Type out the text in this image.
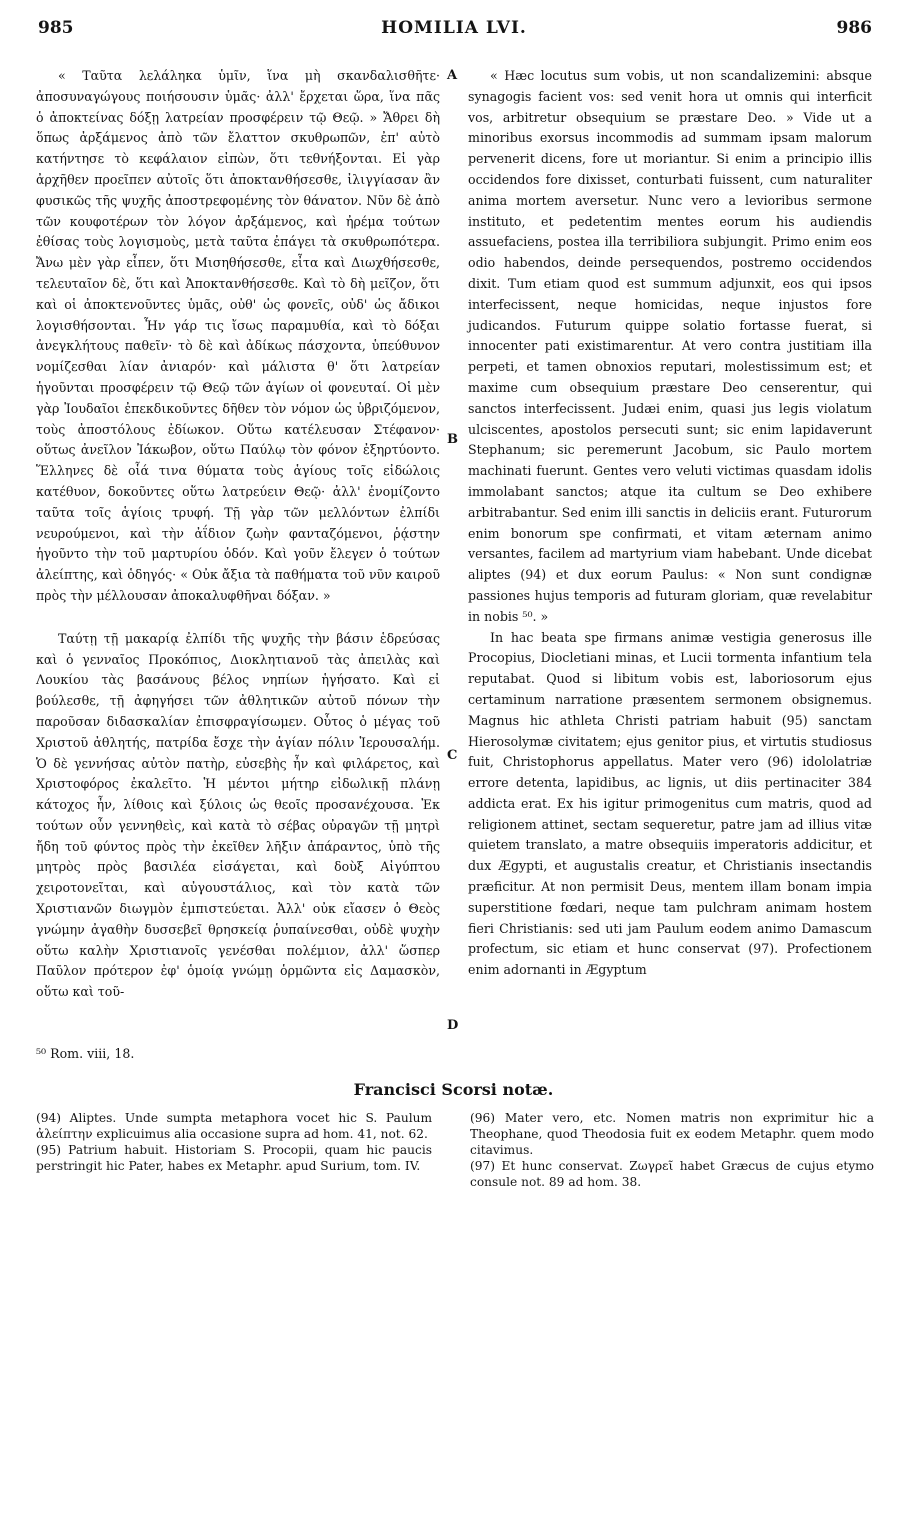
985	HOMILIA LVI.	986

« Ταῦτα λελάληκα ὑμῖν, ἵνα μὴ σκανδαλισθῆτε· ἀποσυναγώγους ποιήσουσιν ὑμᾶς· ἀλλ' ἔρχεται ὥρα, ἵνα πᾶς ὁ ἀποκτείνας δόξῃ λατρείαν προσφέρειν τῷ Θεῷ. » Ἄθρει δὴ ὅπως ἀρξάμενος ἀπὸ τῶν ἔλαττον σκυθρωπῶν, ἐπ' αὐτὸ κατήντησε τὸ κεφάλαιον εἰπὼν, ὅτι τεθνήξονται. Εἰ γὰρ ἀρχῆθεν προεῖπεν αὐτοῖς ὅτι ἀποκτανθήσεσθε, ἰλιγγίασαν ἂν φυσικῶς τῆς ψυχῆς ἀποστρεφομένης τὸν θάνατον. Νῦν δὲ ἀπὸ τῶν κουφοτέρων τὸν λόγον ἀρξάμενος, καὶ ἠρέμα τούτων ἐθίσας τοὺς λογισμοὺς, μετὰ ταῦτα ἐπάγει τὰ σκυθρωπότερα. Ἄνω μὲν γὰρ εἶπεν, ὅτι Μισηθήσεσθε, εἶτα καὶ Διωχθήσεσθε, τελευταῖον δὲ, ὅτι καὶ Ἀποκτανθήσεσθε. Καὶ τὸ δὴ μεῖζον, ὅτι καὶ οἱ ἀποκτενοῦντες ὑμᾶς, οὐθ' ὡς φονεῖς, οὐδ' ὡς ἄδικοι λογισθήσονται. Ἦν γάρ τις ἴσως παραμυθία, καὶ τὸ δόξαι ἀνεγκλήτους παθεῖν· τὸ δὲ καὶ ἀδίκως πάσχοντα, ὑπεύθυνον νομίζεσθαι λίαν ἀνιαρόν· καὶ μάλιστα θ' ὅτι λατρείαν ἡγοῦνται προσφέρειν τῷ Θεῷ τῶν ἁγίων οἱ φονευταί. Οἱ μὲν γὰρ Ἰουδαῖοι ἐπεκδικοῦντες δῆθεν τὸν νόμον ὡς ὑβριζόμενον, τοὺς ἀποστόλους ἐδίωκον. Οὕτω κατέλευσαν Στέφανον· οὕτως ἀνεῖλον Ἰάκωβον, οὕτω Παύλῳ τὸν φόνον ἐξηρτύοντο. Ἕλληνες δὲ οἷά τινα θύματα τοὺς ἁγίους τοῖς εἰδώλοις κατέθυον, δοκοῦντες οὕτω λατρεύειν Θεῷ· ἀλλ' ἐνομίζοντο ταῦτα τοῖς ἁγίοις τρυφή. Τῇ γὰρ τῶν μελλόντων ἐλπίδι νευρούμενοι, καὶ τὴν ἀΐδιον ζωὴν φανταζόμενοι, ῥᾴστην ἡγοῦντο τὴν τοῦ μαρτυρίου ὁδόν. Καὶ γοῦν ἔλεγεν ὁ τούτων ἀλείπτης, καὶ ὁδηγός· « Οὐκ ἄξια τὰ παθήματα τοῦ νῦν καιροῦ πρὸς τὴν μέλλουσαν ἀποκαλυφθῆναι δόξαν. »

Ταύτῃ τῇ μακαρίᾳ ἐλπίδι τῆς ψυχῆς τὴν βάσιν ἑδρεύσας καὶ ὁ γενναῖος Προκόπιος, Διοκλητιανοῦ τὰς ἀπειλὰς καὶ Λουκίου τὰς βασάνους βέλος νηπίων ἡγήσατο. Καὶ εἰ βούλεσθε, τῇ ἀφηγήσει τῶν ἀθλητικῶν αὐτοῦ πόνων τὴν παροῦσαν διδασκαλίαν ἐπισφραγίσωμεν. Οὗτος ὁ μέγας τοῦ Χριστοῦ ἀθλητής, πατρίδα ἔσχε τὴν ἁγίαν πόλιν Ἱερουσαλήμ. Ὁ δὲ γεννήσας αὐτὸν πατὴρ, εὐσεβὴς ἦν καὶ φιλάρετος, καὶ Χριστοφόρος ἐκαλεῖτο. Ἡ μέντοι μήτηρ εἰδωλικῇ πλάνῃ κάτοχος ἦν, λίθοις καὶ ξύλοις ὡς θεοῖς προσανέχουσα. Ἐκ τούτων οὖν γεννηθεὶς, καὶ κατὰ τὸ σέβας οὐραγῶν τῇ μητρὶ ἤδη τοῦ φύντος πρὸς τὴν ἐκεῖθεν λῆξιν ἀπάραντος, ὑπὸ τῆς μητρὸς πρὸς βασιλέα εἰσάγεται, καὶ δοὺξ Αἰγύπτου χειροτονεῖται, καὶ αὐγουστάλιος, καὶ τὸν κατὰ τῶν Χριστιανῶν διωγμὸν ἐμπιστεύεται. Ἀλλ' οὐκ εἴασεν ὁ Θεὸς γνώμην ἀγαθὴν δυσσεβεῖ θρησκείᾳ ῥυπαίνεσθαι, οὐδὲ ψυχὴν οὕτω καλὴν Χριστιανοῖς γενέσθαι πολέμιον, ἀλλ' ὥσπερ Παῦλον πρότερον ἐφ' ὁμοίᾳ γνώμῃ ὁρμῶντα εἰς Δαμασκὸν, οὕτω καὶ τοῦ-

A
B
C
D

« Hæc locutus sum vobis, ut non scandalizemini: absque synagogis facient vos: sed venit hora ut omnis qui interficit vos, arbitretur obsequium se præstare Deo. » Vide ut a minoribus exorsus incommodis ad summam ipsam malorum pervenerit dicens, fore ut moriantur. Si enim a principio illis occidendos fore dixisset, conturbati fuissent, cum naturaliter anima mortem aversetur. Nunc vero a levioribus sermone instituto, et pedetentim mentes eorum his audiendis assuefaciens, postea illa terribiliora subjungit. Primo enim eos odio habendos, deinde persequendos, postremo occidendos dixit. Tum etiam quod est summum adjunxit, eos qui ipsos interfecissent, neque homicidas, neque injustos fore judicandos. Futurum quippe solatio fortasse fuerat, si innocenter pati existimarentur. At vero contra justitiam illa perpeti, et tamen obnoxios reputari, molestissimum est; et maxime cum obsequium præstare Deo censerentur, qui sanctos interfecissent. Judæi enim, quasi jus legis violatum ulciscentes, apostolos persecuti sunt; sic enim lapidaverunt Stephanum; sic peremerunt Jacobum, sic Paulo mortem machinati fuerunt. Gentes vero veluti victimas quasdam idolis immolabant sanctos; atque ita cultum se Deo exhibere arbitrabantur. Sed enim illi sanctis in deliciis erant. Futurorum enim bonorum spe confirmati, et vitam æternam animo versantes, facilem ad martyrium viam habebant. Unde dicebat aliptes (94) et dux eorum Paulus: « Non sunt condignæ passiones hujus temporis ad futuram gloriam, quæ revelabitur in nobis ⁵⁰. »

In hac beata spe firmans animæ vestigia generosus ille Procopius, Diocletiani minas, et Lucii tormenta infantium tela reputabat. Quod si libitum vobis est, laboriosorum ejus certaminum narratione præsentem sermonem obsignemus. Magnus hic athleta Christi patriam habuit (95) sanctam Hierosolymæ civitatem; ejus genitor pius, et virtutis studiosus fuit, Christophorus appellatus. Mater vero (96) idololatriæ errore detenta, lapidibus, ac lignis, ut diis pertinaciter 384 addicta erat. Ex his igitur primogenitus cum matris, quod ad religionem attinet, sectam sequeretur, patre jam ad illius vitæ quietem translato, a matre obsequiis imperatoris addicitur, et dux Ægypti, et augustalis creatur, et Christianis insectandis præficitur. At non permisit Deus, mentem illam bonam impia superstitione fœdari, neque tam pulchram animam hostem fieri Christianis: sed uti jam Paulum eodem animo Damascum profectum, sic etiam et hunc conservat (97). Profectionem enim adornanti in Ægyptum

⁵⁰ Rom. viii, 18.
Francisci Scorsi notæ.

(94) Aliptes. Unde sumpta metaphora vocet hic S. Paulum ἀλείπτην explicuimus alia occasione supra ad hom. 41, not. 62.

(95) Patrium habuit. Historiam S. Procopii, quam hic paucis perstringit hic Pater, habes ex Metaphr. apud Surium, tom. IV.

(96) Mater vero, etc. Nomen matris non exprimitur hic a Theophane, quod Theodosia fuit ex eodem Metaphr. quem modo citavimus.

(97) Et hunc conservat. Ζωγρεῖ habet Græcus de cujus etymo consule not. 89 ad hom. 38.
